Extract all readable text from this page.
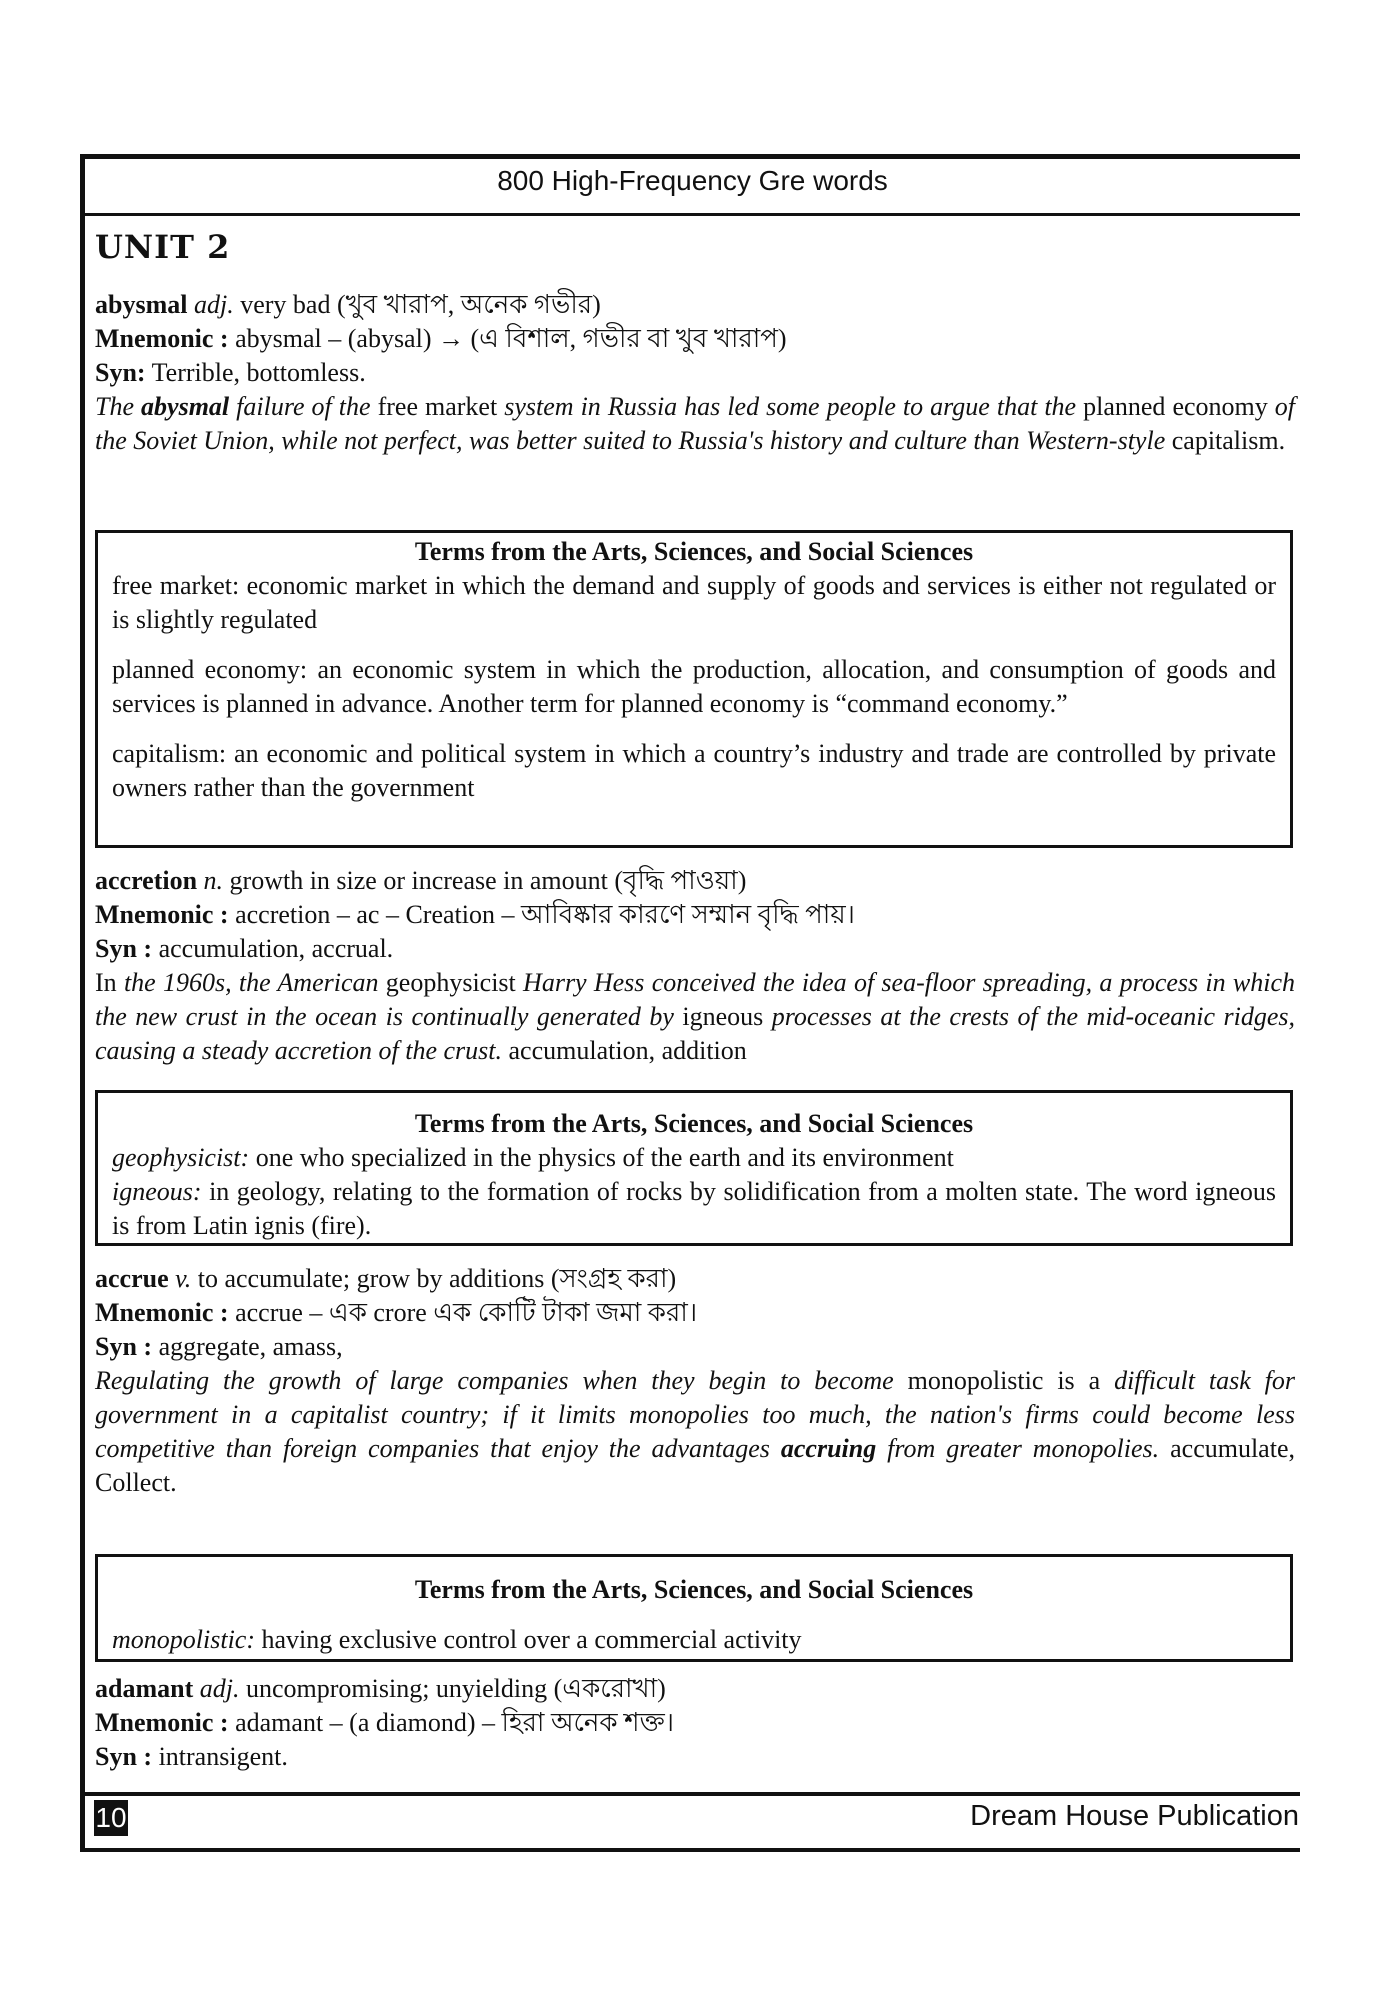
800 High-Frequency Gre words
UNIT 2
abysmal adj. very bad (খুব খারাপ, অনেক গভীর)
Mnemonic : abysmal – (abysal) → (এ বিশাল, গভীর বা খুব খারাপ)
Syn: Terrible, bottomless.
The abysmal failure of the free market system in Russia has led some people to argue that the planned economy of the Soviet Union, while not perfect, was better suited to Russia's history and culture than Western-style capitalism.
Terms from the Arts, Sciences, and Social Sciences

free market: economic market in which the demand and supply of goods and services is either not regulated or is slightly regulated

planned economy: an economic system in which the production, allocation, and consumption of goods and services is planned in advance. Another term for planned economy is “command economy.”

capitalism: an economic and political system in which a country’s industry and trade are controlled by private owners rather than the government

accretion n. growth in size or increase in amount (বৃদ্ধি পাওয়া)
Mnemonic : accretion – ac – Creation – আবিষ্কার কারণে সম্মান বৃদ্ধি পায়।
Syn : accumulation, accrual.
In the 1960s, the American geophysicist Harry Hess conceived the idea of sea-floor spreading, a process in which the new crust in the ocean is continually generated by igneous processes at the crests of the mid-oceanic ridges, causing a steady accretion of the crust. accumulation, addition
Terms from the Arts, Sciences, and Social Sciences

geophysicist: one who specialized in the physics of the earth and its environment

igneous: in geology, relating to the formation of rocks by solidification from a molten state. The word igneous is from Latin ignis (fire).

accrue v. to accumulate; grow by additions (সংগ্রহ করা)
Mnemonic : accrue – এক crore এক কোটি টাকা জমা করা।
Syn : aggregate, amass,
Regulating the growth of large companies when they begin to become monopolistic is a difficult task for government in a capitalist country; if it limits monopolies too much, the nation's firms could become less competitive than foreign companies that enjoy the advantages accruing from greater monopolies. accumulate, Collect.
Terms from the Arts, Sciences, and Social Sciences

monopolistic: having exclusive control over a commercial activity

adamant adj. uncompromising; unyielding (একরোখা)
Mnemonic : adamant – (a diamond) – হিরা অনেক শক্ত।
Syn : intransigent.
10	Dream House Publication
